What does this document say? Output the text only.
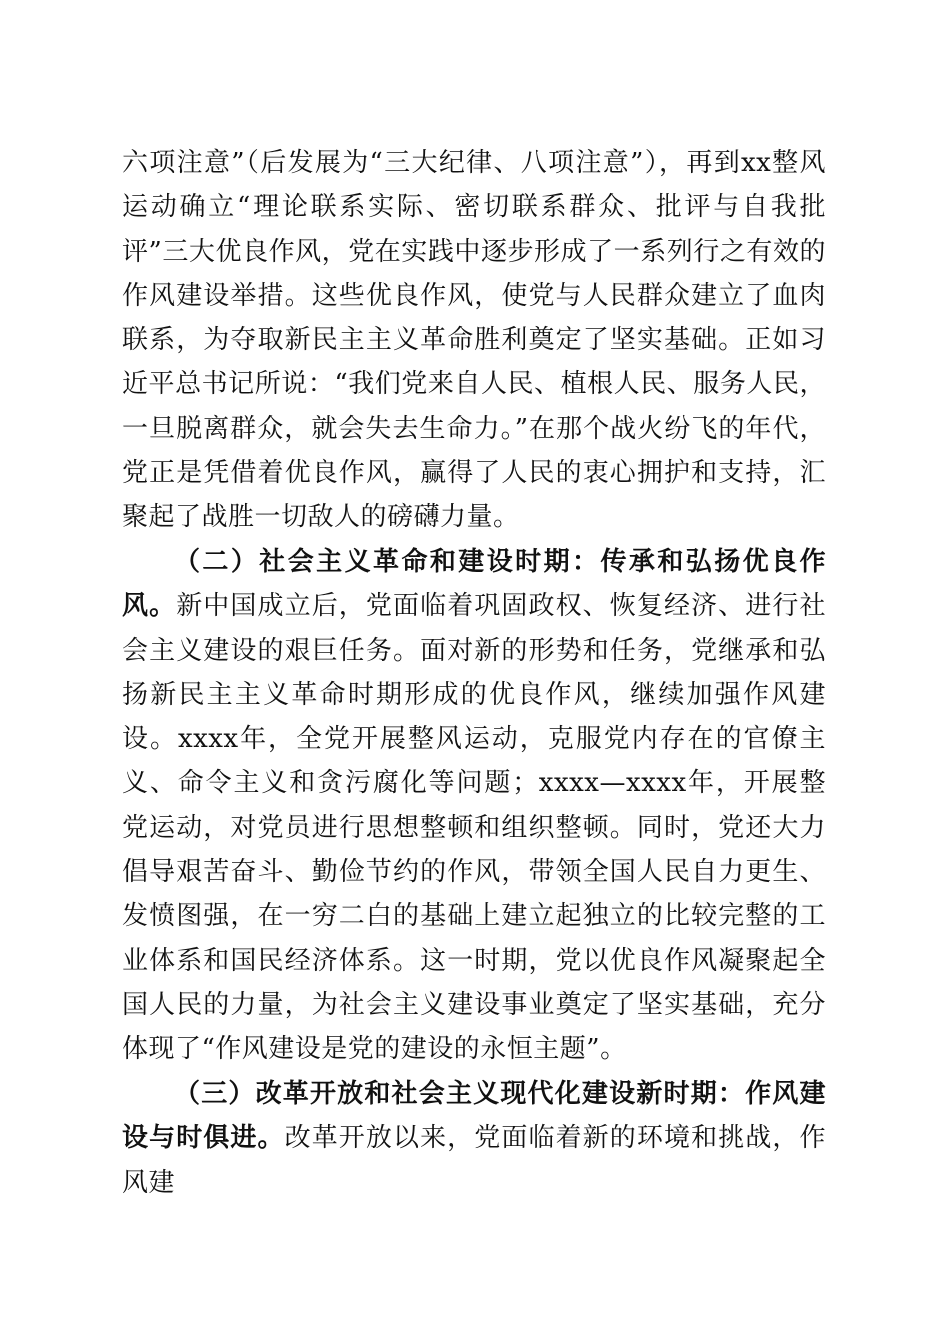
六项注意”（后发展为“三大纪律、八项注意”），再到xx整风运动确立“理论联系实际、密切联系群众、批评与自我批评”三大优良作风，党在实践中逐步形成了一系列行之有效的作风建设举措。这些优良作风，使党与人民群众建立了血肉联系，为夺取新民主主义革命胜利奠定了坚实基础。正如习近平总书记所说：“我们党来自人民、植根人民、服务人民，一旦脱离群众，就会失去生命力。”在那个战火纷飞的年代，党正是凭借着优良作风，赢得了人民的衷心拥护和支持，汇聚起了战胜一切敌人的磅礴力量。

（二）社会主义革命和建设时期：传承和弘扬优良作风。新中国成立后，党面临着巩固政权、恢复经济、进行社会主义建设的艰巨任务。面对新的形势和任务，党继承和弘扬新民主主义革命时期形成的优良作风，继续加强作风建设。xxxx年，全党开展整风运动，克服党内存在的官僚主义、命令主义和贪污腐化等问题；xxxx—xxxx年，开展整党运动，对党员进行思想整顿和组织整顿。同时，党还大力倡导艰苦奋斗、勤俭节约的作风，带领全国人民自力更生、发愤图强，在一穷二白的基础上建立起独立的比较完整的工业体系和国民经济体系。这一时期，党以优良作风凝聚起全国人民的力量，为社会主义建设事业奠定了坚实基础，充分体现了“作风建设是党的建设的永恒主题”。

（三）改革开放和社会主义现代化建设新时期：作风建设与时俱进。改革开放以来，党面临着新的环境和挑战，作风建
